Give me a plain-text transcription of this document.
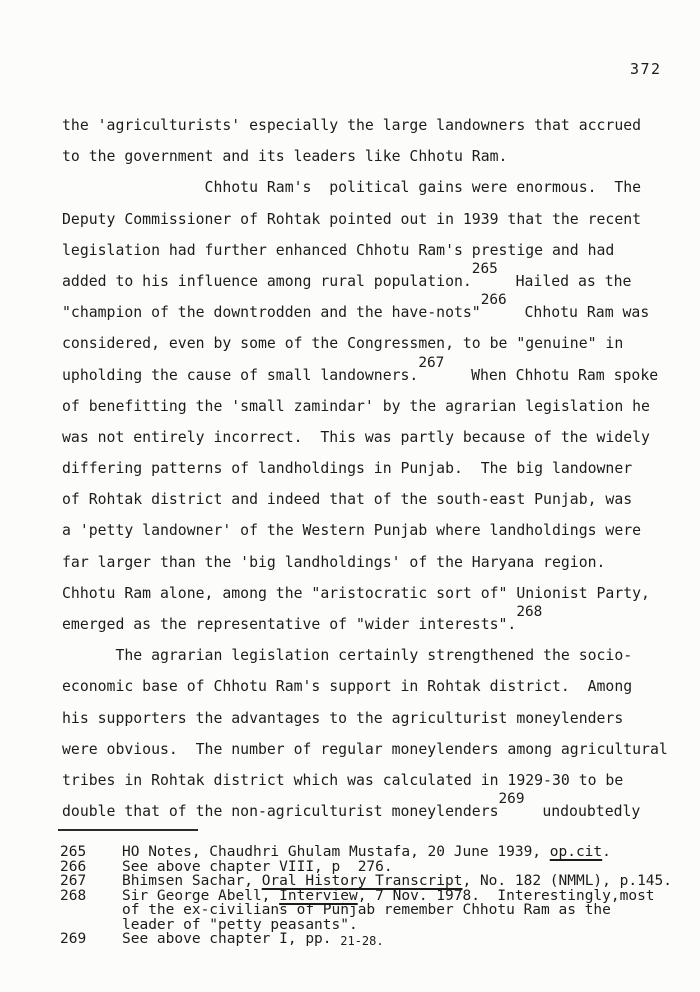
372
the 'agriculturists' especially the large landowners that accrued
to the government and its leaders like Chhotu Ram.
Chhotu Ram's  political gains were enormous.  The
Deputy Commissioner of Rohtak pointed out in 1939 that the recent
legislation had further enhanced Chhotu Ram's prestige and had
added to his influence among rural population.265  Hailed as the
"champion of the downtrodden and the have-nots"266  Chhotu Ram was
considered, even by some of the Congressmen, to be "genuine" in
upholding the cause of small landowners.267   When Chhotu Ram spoke
of benefitting the 'small zamindar' by the agrarian legislation he
was not entirely incorrect.  This was partly because of the widely
differing patterns of landholdings in Punjab.  The big landowner
of Rohtak district and indeed that of the south-east Punjab, was
a 'petty landowner' of the Western Punjab where landholdings were
far larger than the 'big landholdings' of the Haryana region.
Chhotu Ram alone, among the "aristocratic sort of" Unionist Party,
emerged as the representative of "wider interests".268
The agrarian legislation certainly strengthened the socio-
economic base of Chhotu Ram's support in Rohtak district.  Among
his supporters the advantages to the agriculturist moneylenders
were obvious.  The number of regular moneylenders among agricultural
tribes in Rohtak district which was calculated in 1929-30 to be
double that of the non-agriculturist moneylenders269  undoubtedly
265	HO Notes, Chaudhri Ghulam Mustafa, 20 June 1939, op.cit.
266	See above chapter VIII, p  276.
267	Bhimsen Sachar, Oral History Transcript, No. 182 (NMML), p.145.
268	Sir George Abell, Interview, 7 Nov. 1978.  Interestingly,most
of the ex-civilians of Punjab remember Chhotu Ram as the
leader of "petty peasants".
269	See above chapter I, pp. 21-28.
